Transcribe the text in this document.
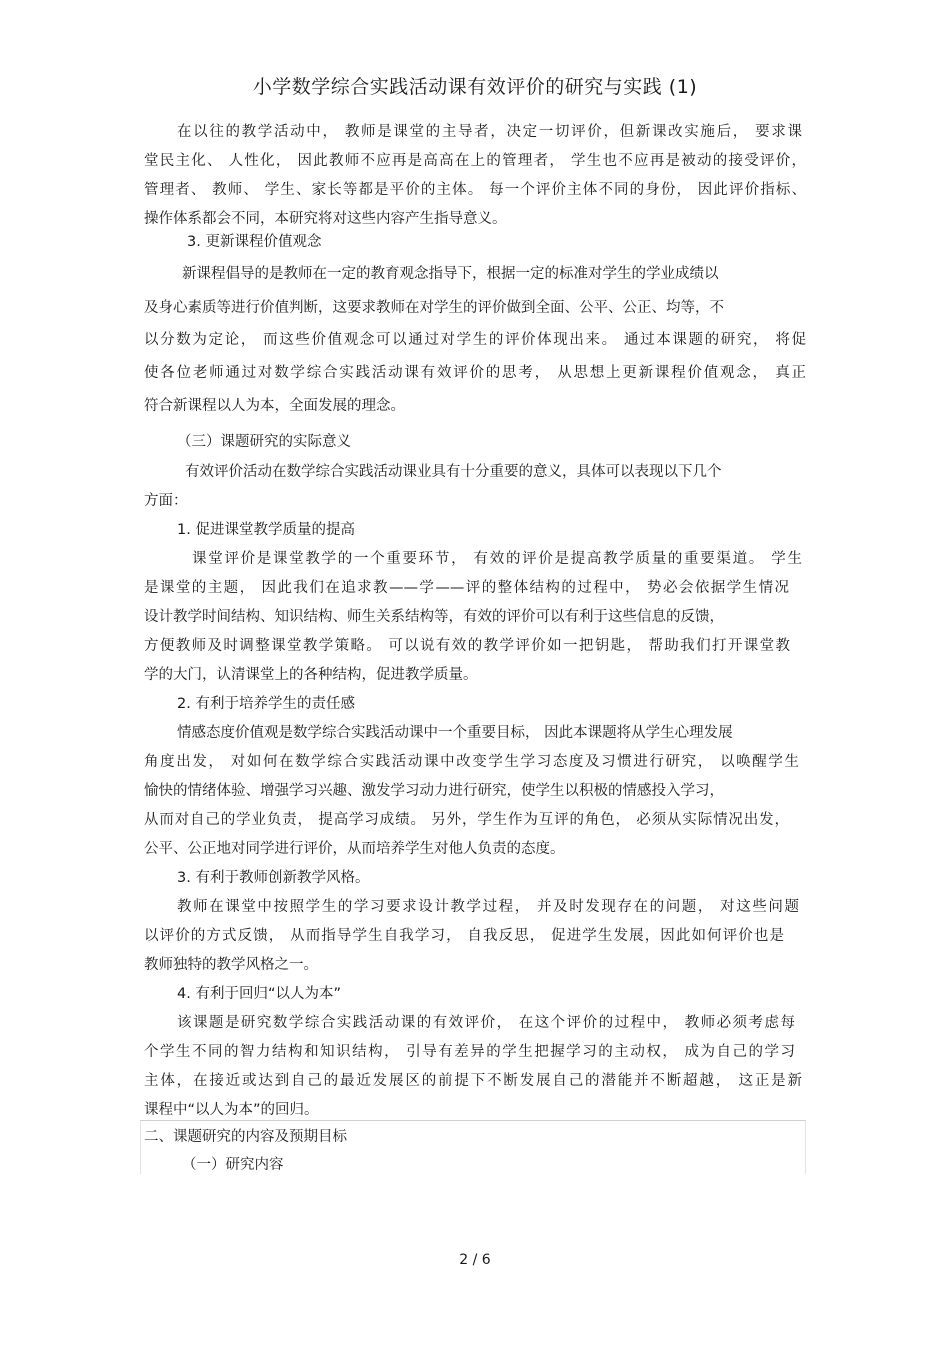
小学数学综合实践活动课有效评价的研究与实践 (1)

在以往的教学活动中， 教师是课堂的主导者，决定一切评价，但新课改实施后， 要求课

堂民主化、 人性化， 因此教师不应再是高高在上的管理者， 学生也不应再是被动的接受评价，

管理者、 教师、 学生、家长等都是平价的主体。 每一个评价主体不同的身份， 因此评价指标、

操作体系都会不同，本研究将对这些内容产生指导意义。

3. 更新课程价值观念

新课程倡导的是教师在一定的教育观念指导下，根据一定的标准对学生的学业成绩以

及身心素质等进行价值判断，这要求教师在对学生的评价做到全面、公平、公正、均等，不

以分数为定论， 而这些价值观念可以通过对学生的评价体现出来。 通过本课题的研究， 将促

使各位老师通过对数学综合实践活动课有效评价的思考， 从思想上更新课程价值观念， 真正

符合新课程以人为本，全面发展的理念。

（三）课题研究的实际意义

有效评价活动在数学综合实践活动课业具有十分重要的意义，具体可以表现以下几个

方面：

1. 促进课堂教学质量的提高

课堂评价是课堂教学的一个重要环节， 有效的评价是提高教学质量的重要渠道。 学生

是课堂的主题， 因此我们在追求教——学——评的整体结构的过程中， 势必会依据学生情况

设计教学时间结构、知识结构、师生关系结构等，有效的评价可以有利于这些信息的反馈，

方便教师及时调整课堂教学策略。 可以说有效的教学评价如一把钥匙， 帮助我们打开课堂教

学的大门，认清课堂上的各种结构，促进教学质量。

2. 有利于培养学生的责任感

情感态度价值观是数学综合实践活动课中一个重要目标， 因此本课题将从学生心理发展

角度出发， 对如何在数学综合实践活动课中改变学生学习态度及习惯进行研究， 以唤醒学生

愉快的情绪体验、增强学习兴趣、激发学习动力进行研究，使学生以积极的情感投入学习，

从而对自己的学业负责， 提高学习成绩。 另外，学生作为互评的角色， 必须从实际情况出发，

公平、公正地对同学进行评价，从而培养学生对他人负责的态度。

3. 有利于教师创新教学风格。

教师在课堂中按照学生的学习要求设计教学过程， 并及时发现存在的问题， 对这些问题

以评价的方式反馈， 从而指导学生自我学习， 自我反思， 促进学生发展，因此如何评价也是

教师独特的教学风格之一。

4. 有利于回归“以人为本”

该课题是研究数学综合实践活动课的有效评价， 在这个评价的过程中， 教师必须考虑每

个学生不同的智力结构和知识结构， 引导有差异的学生把握学习的主动权， 成为自己的学习

主体，在接近或达到自己的最近发展区的前提下不断发展自己的潜能并不断超越， 这正是新

课程中“以人为本”的回归。

二、课题研究的内容及预期目标

（一）研究内容

2 / 6
